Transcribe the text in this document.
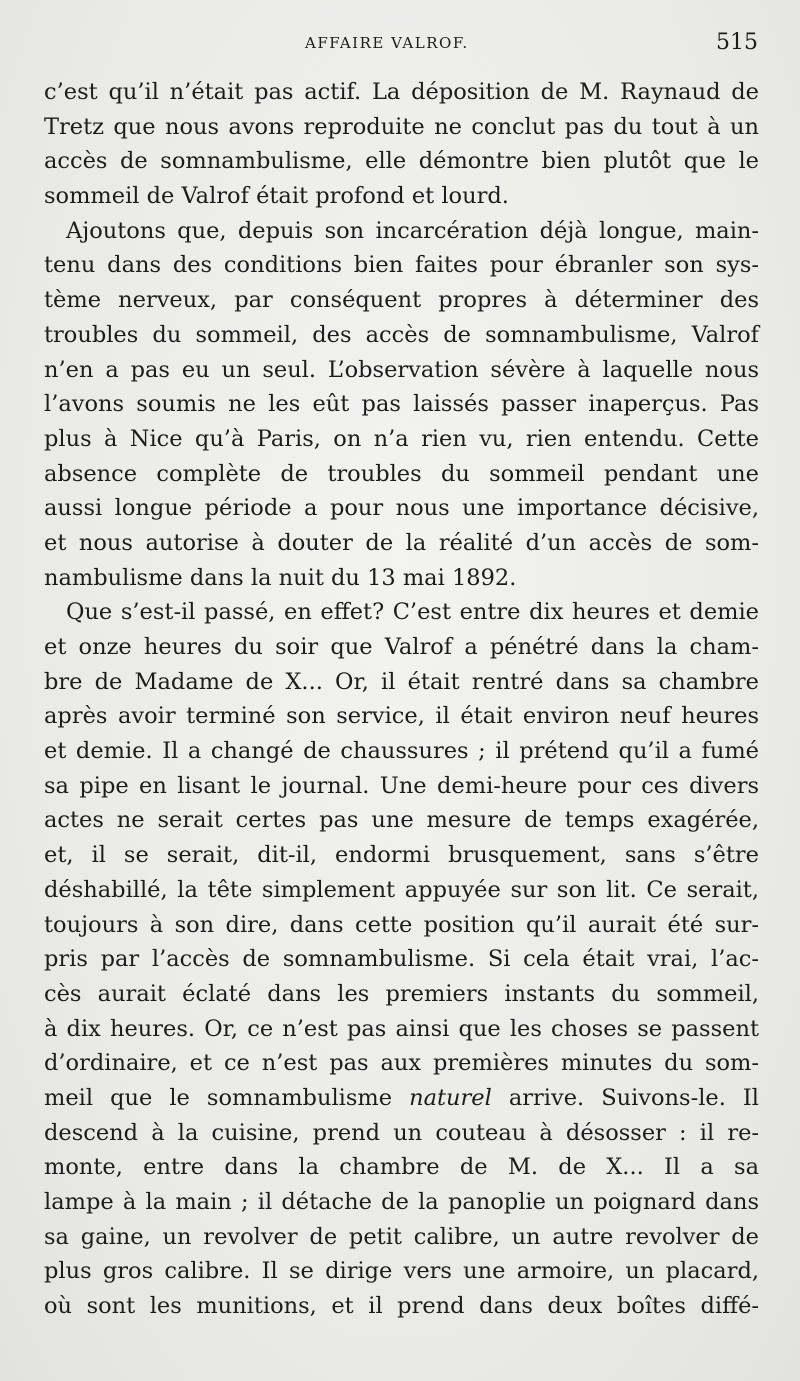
AFFAIRE VALROF.	515
c’est qu’il n’était pas actif. La déposition de M. Raynaud de
Tretz que nous avons reproduite ne conclut pas du tout à un
accès de somnambulisme, elle démontre bien plutôt que le
sommeil de Valrof était profond et lourd.
Ajoutons que, depuis son incarcération déjà longue, main-
tenu dans des conditions bien faites pour ébranler son sys-
tème nerveux, par conséquent propres à déterminer des
troubles du sommeil, des accès de somnambulisme, Valrof
n’en a pas eu un seul. L’observation sévère à laquelle nous
l’avons soumis ne les eût pas laissés passer inaperçus. Pas
plus à Nice qu’à Paris, on n’a rien vu, rien entendu. Cette
absence complète de troubles du sommeil pendant une
aussi longue période a pour nous une importance décisive,
et nous autorise à douter de la réalité d’un accès de som-
nambulisme dans la nuit du 13 mai 1892.
Que s’est-il passé, en effet? C’est entre dix heures et demie
et onze heures du soir que Valrof a pénétré dans la cham-
bre de Madame de X... Or, il était rentré dans sa chambre
après avoir terminé son service, il était environ neuf heures
et demie. Il a changé de chaussures ; il prétend qu’il a fumé
sa pipe en lisant le journal. Une demi-heure pour ces divers
actes ne serait certes pas une mesure de temps exagérée,
et, il se serait, dit-il, endormi brusquement, sans s’être
déshabillé, la tête simplement appuyée sur son lit. Ce serait,
toujours à son dire, dans cette position qu’il aurait été sur-
pris par l’accès de somnambulisme. Si cela était vrai, l’ac-
cès aurait éclaté dans les premiers instants du sommeil,
à dix heures. Or, ce n’est pas ainsi que les choses se passent
d’ordinaire, et ce n’est pas aux premières minutes du som-
meil que le somnambulisme naturel arrive. Suivons-le. Il
descend à la cuisine, prend un couteau à désosser : il re-
monte, entre dans la chambre de M. de X... Il a sa
lampe à la main ; il détache de la panoplie un poignard dans
sa gaine, un revolver de petit calibre, un autre revolver de
plus gros calibre. Il se dirige vers une armoire, un placard,
où sont les munitions, et il prend dans deux boîtes diffé-
